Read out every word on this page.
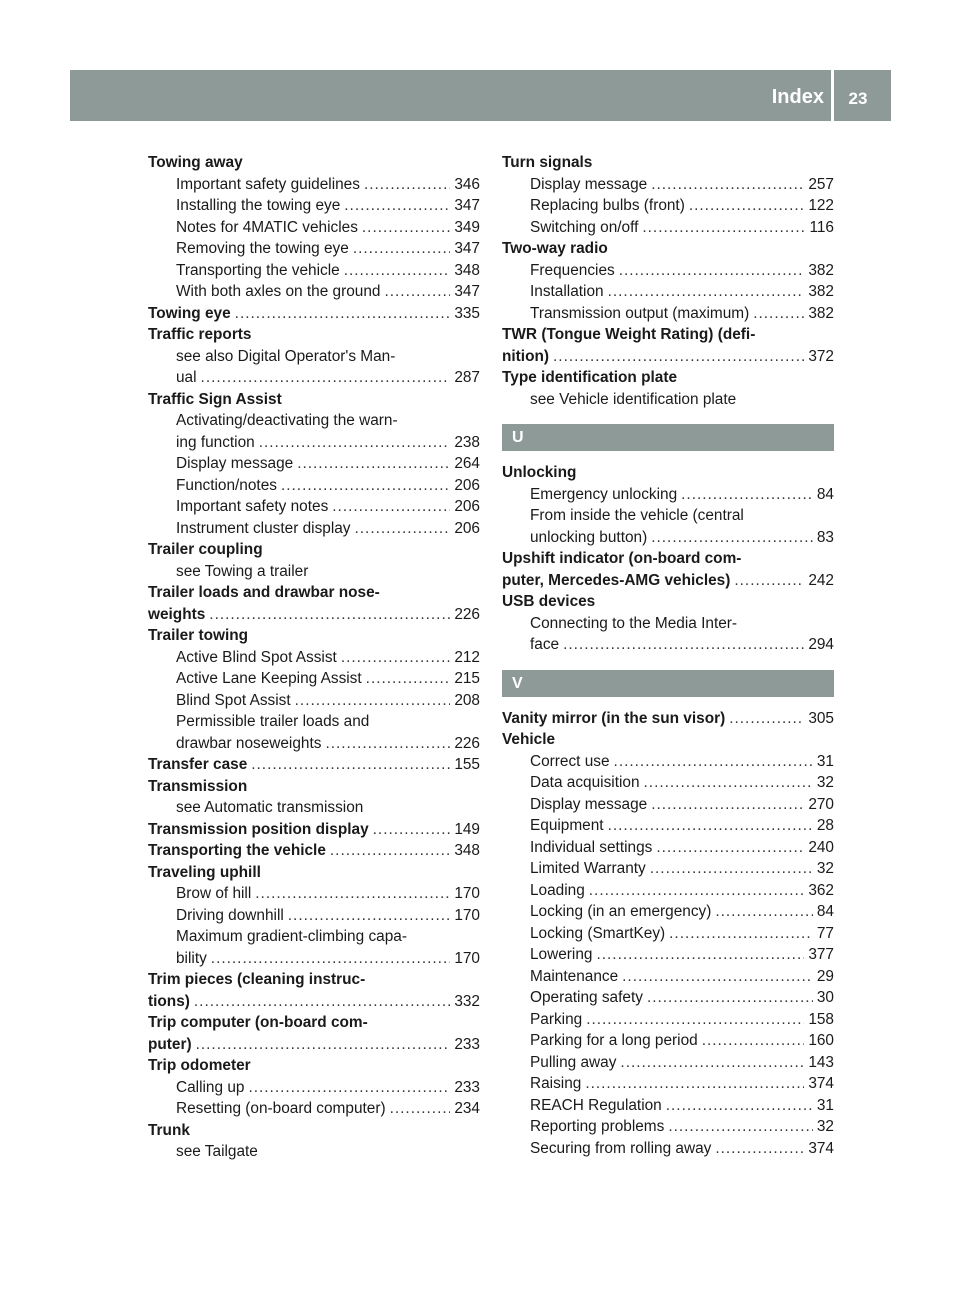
Index	23
Towing away
Important safety guidelines .....	346
Installing the towing eye .....	347
Notes for 4MATIC vehicles .....	349
Removing the towing eye .....	347
Transporting the vehicle .....	348
With both axles on the ground .....	347
Towing eye .....	335
Traffic reports
see also Digital Operator's Man-
ual .....	287
Traffic Sign Assist
Activating/deactivating the warn-
ing function .....	238
Display message .....	264
Function/notes .....	206
Important safety notes .....	206
Instrument cluster display .....	206
Trailer coupling
see Towing a trailer
Trailer loads and drawbar nose-
weights .....	226
Trailer towing
Active Blind Spot Assist .....	212
Active Lane Keeping Assist .....	215
Blind Spot Assist .....	208
Permissible trailer loads and
drawbar noseweights .....	226
Transfer case .....	155
Transmission
see Automatic transmission
Transmission position display .....	149
Transporting the vehicle .....	348
Traveling uphill
Brow of hill .....	170
Driving downhill .....	170
Maximum gradient-climbing capa-
bility .....	170
Trim pieces (cleaning instruc-
tions) .....	332
Trip computer (on-board com-
puter) .....	233
Trip odometer
Calling up .....	233
Resetting (on-board computer) .....	234
Trunk
see Tailgate
Turn signals
Display message .....	257
Replacing bulbs (front) .....	122
Switching on/off .....	116
Two-way radio
Frequencies .....	382
Installation .....	382
Transmission output (maximum) .....	382
TWR (Tongue Weight Rating) (defi-
nition) .....	372
Type identification plate
see Vehicle identification plate
U
Unlocking
Emergency unlocking .....	84
From inside the vehicle (central
unlocking button) .....	83
Upshift indicator (on-board com-
puter, Mercedes-AMG vehicles) .....	242
USB devices
Connecting to the Media Inter-
face .....	294
V
Vanity mirror (in the sun visor) .....	305
Vehicle
Correct use .....	31
Data acquisition .....	32
Display message .....	270
Equipment .....	28
Individual settings .....	240
Limited Warranty .....	32
Loading .....	362
Locking (in an emergency) .....	84
Locking (SmartKey) .....	77
Lowering .....	377
Maintenance .....	29
Operating safety .....	30
Parking .....	158
Parking for a long period .....	160
Pulling away .....	143
Raising .....	374
REACH Regulation .....	31
Reporting problems .....	32
Securing from rolling away .....	374
